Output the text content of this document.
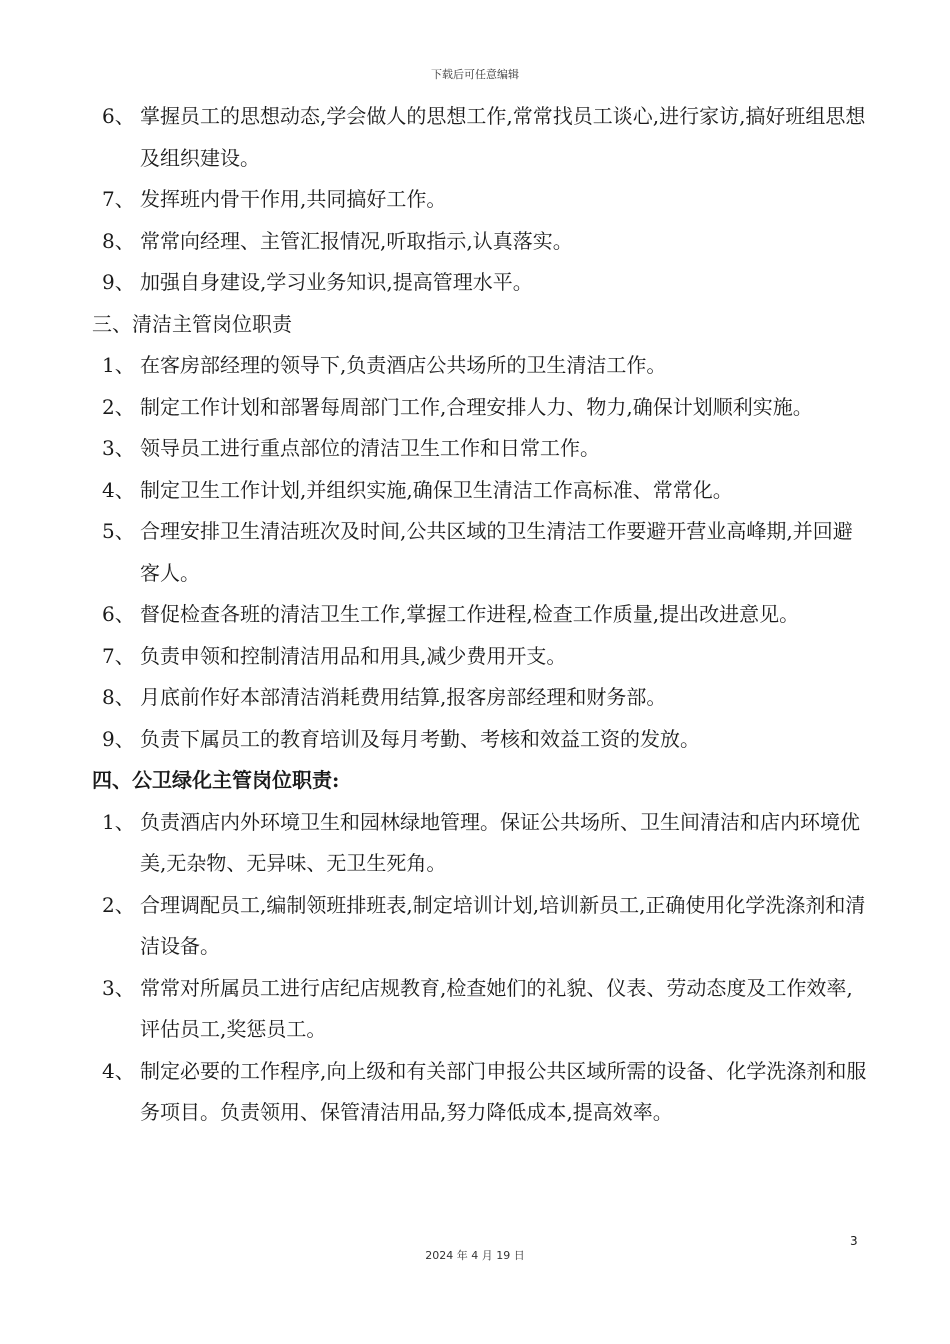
下载后可任意编辑
6、 掌握员工的思想动态,学会做人的思想工作,常常找员工谈心,进行家访,搞好班组思想及组织建设。
7、 发挥班内骨干作用,共同搞好工作。
8、 常常向经理、主管汇报情况,听取指示,认真落实。
9、 加强自身建设,学习业务知识,提高管理水平。
三、清洁主管岗位职责
1、 在客房部经理的领导下,负责酒店公共场所的卫生清洁工作。
2、 制定工作计划和部署每周部门工作,合理安排人力、物力,确保计划顺利实施。
3、 领导员工进行重点部位的清洁卫生工作和日常工作。
4、 制定卫生工作计划,并组织实施,确保卫生清洁工作高标准、常常化。
5、 合理安排卫生清洁班次及时间,公共区域的卫生清洁工作要避开营业高峰期,并回避客人。
6、 督促检查各班的清洁卫生工作,掌握工作进程,检查工作质量,提出改进意见。
7、 负责申领和控制清洁用品和用具,减少费用开支。
8、 月底前作好本部清洁消耗费用结算,报客房部经理和财务部。
9、 负责下属员工的教育培训及每月考勤、考核和效益工资的发放。
四、公卫绿化主管岗位职责:
1、 负责酒店内外环境卫生和园林绿地管理。保证公共场所、卫生间清洁和店内环境优美,无杂物、无异味、无卫生死角。
2、 合理调配员工,编制领班排班表,制定培训计划,培训新员工,正确使用化学洗涤剂和清洁设备。
3、 常常对所属员工进行店纪店规教育,检查她们的礼貌、仪表、劳动态度及工作效率,评估员工,奖惩员工。
4、 制定必要的工作程序,向上级和有关部门申报公共区域所需的设备、化学洗涤剂和服务项目。负责领用、保管清洁用品,努力降低成本,提高效率。
3
2024 年 4 月 19 日
